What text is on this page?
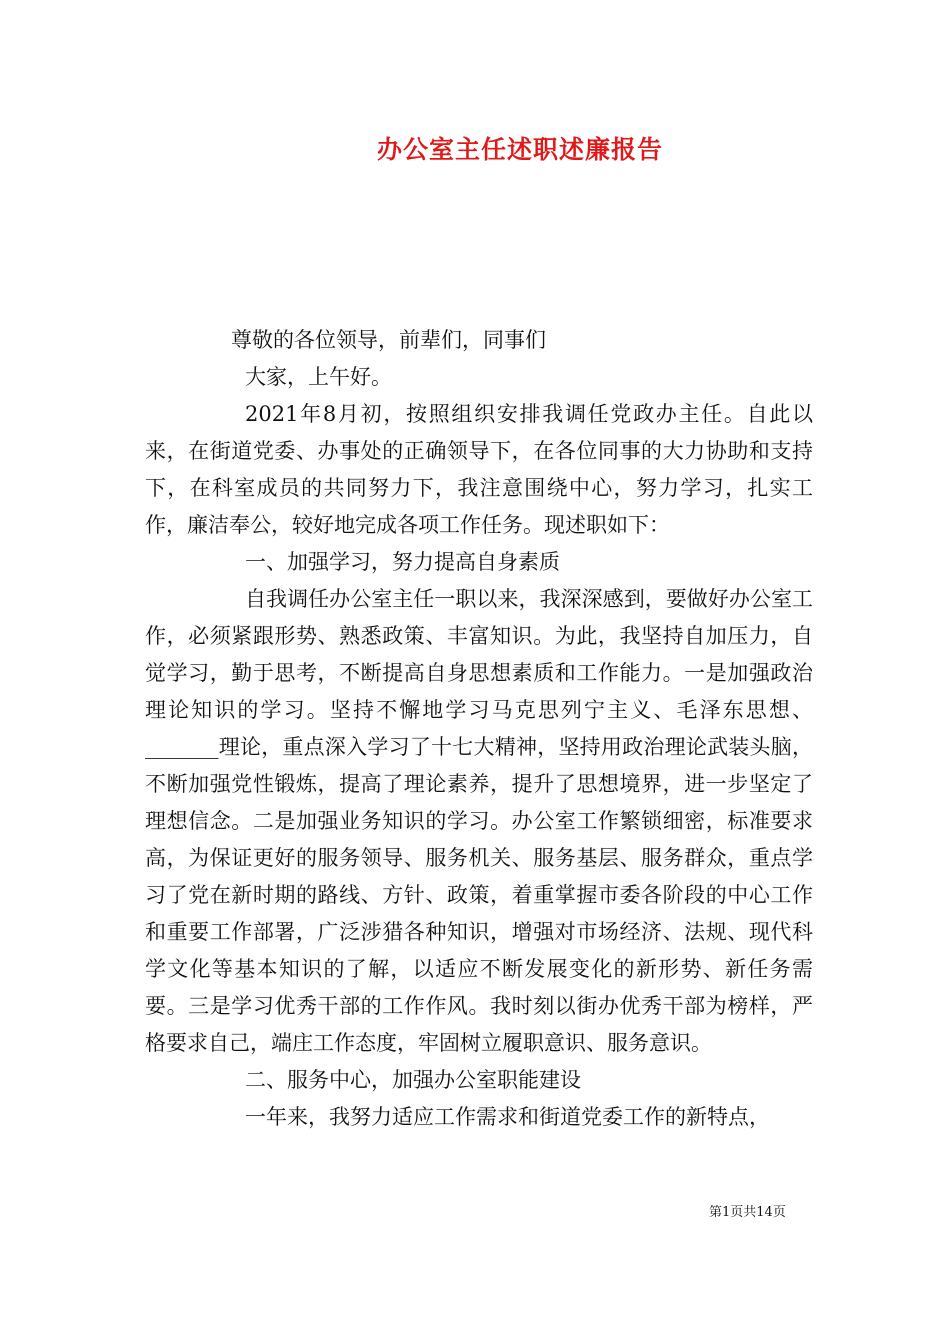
办公室主任述职述廉报告

尊敬的各位领导，前辈们，同事们

大家，上午好。

2021年8月初，按照组织安排我调任党政办主任。自此以来，在街道党委、办事处的正确领导下，在各位同事的大力协助和支持下，在科室成员的共同努力下，我注意围绕中心，努力学习，扎实工作，廉洁奉公，较好地完成各项工作任务。现述职如下：

一、加强学习，努力提高自身素质

自我调任办公室主任一职以来，我深深感到，要做好办公室工作，必须紧跟形势、熟悉政策、丰富知识。为此，我坚持自加压力，自觉学习，勤于思考，不断提高自身思想素质和工作能力。一是加强政治理论知识的学习。坚持不懈地学习马克思列宁主义、毛泽东思想、_______理论，重点深入学习了十七大精神，坚持用政治理论武装头脑，不断加强党性锻炼，提高了理论素养，提升了思想境界，进一步坚定了理想信念。二是加强业务知识的学习。办公室工作繁锁细密，标准要求高，为保证更好的服务领导、服务机关、服务基层、服务群众，重点学习了党在新时期的路线、方针、政策，着重掌握市委各阶段的中心工作和重要工作部署，广泛涉猎各种知识，增强对市场经济、法规、现代科学文化等基本知识的了解，以适应不断发展变化的新形势、新任务需要。三是学习优秀干部的工作作风。我时刻以街办优秀干部为榜样，严格要求自己，端庄工作态度，牢固树立履职意识、服务意识。

二、服务中心，加强办公室职能建设

一年来，我努力适应工作需求和街道党委工作的新特点，

第1页共14页
